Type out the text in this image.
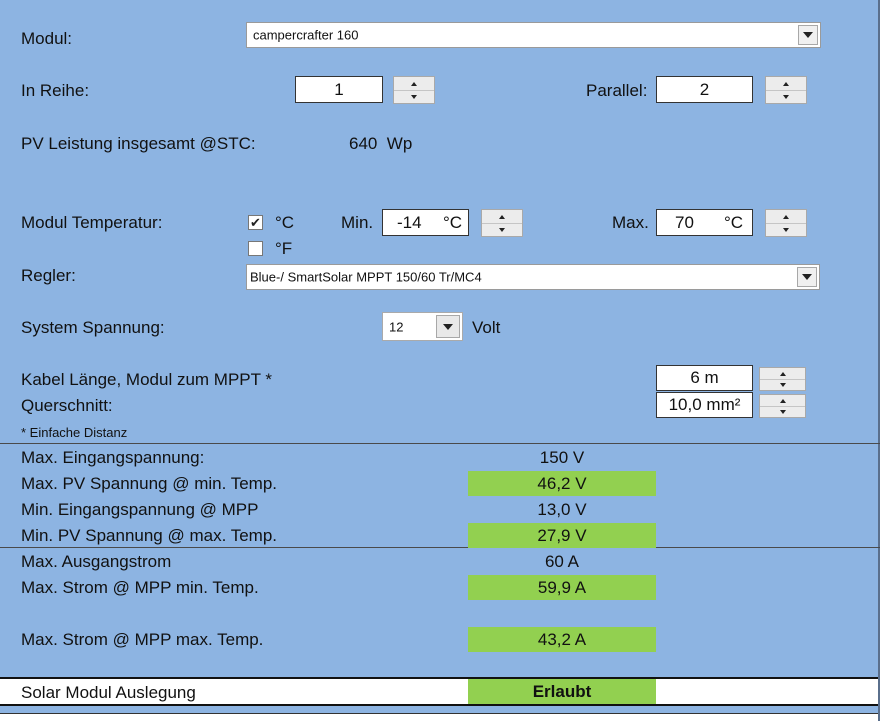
Modul:	campercrafter 160
In Reihe:	1	Parallel:	2
PV Leistung insgesamt @STC:	640  Wp
Modul Temperatur:	✔ °C
°F
Min. -14 °C	Max. 70 °C
Regler:	Blue-/ SmartSolar MPPT 150/60 Tr/MC4
System Spannung:	12	Volt
Kabel Länge, Modul zum MPPT *	6 m
Querschnitt:	10,0 mm²
* Einfache Distanz
Max. Eingangspannung:	150 V
Max. PV Spannung @ min. Temp.	46,2 V
Min. Eingangspannung @ MPP	13,0 V
Min. PV Spannung @ max. Temp.	27,9 V
Max. Ausgangstrom	60 A
Max. Strom @ MPP min. Temp.	59,9 A
Max. Strom @ MPP max. Temp.	43,2 A
Solar Modul Auslegung	Erlaubt
